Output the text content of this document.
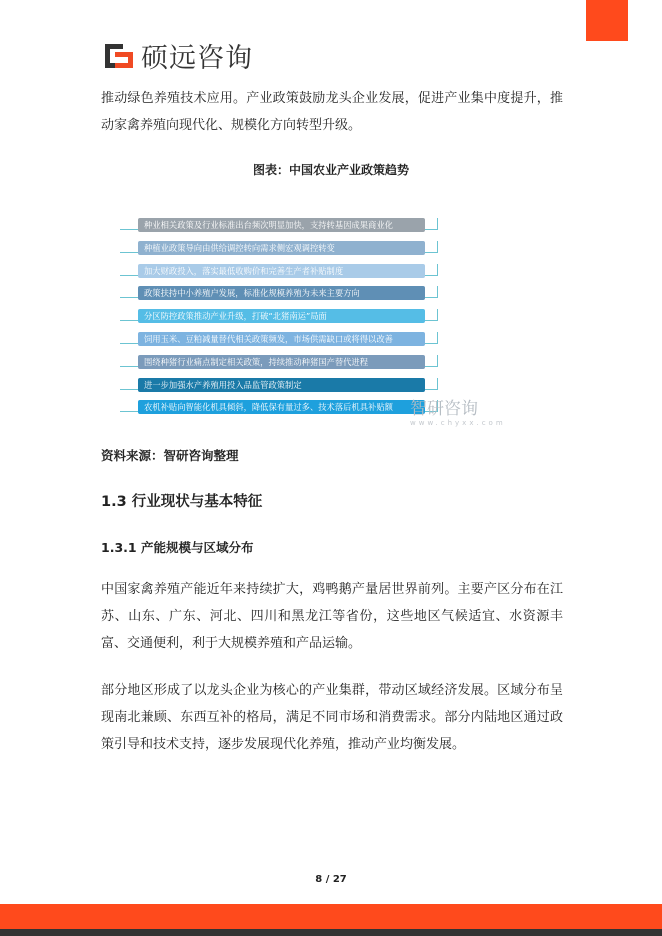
硕远咨询

推动绿色养殖技术应用。产业政策鼓励龙头企业发展，促进产业集中度提升，推动家禽养殖向现代化、规模化方向转型升级。

图表：中国农业产业政策趋势
种业相关政策及行业标准出台频次明显加快，支持转基因成果商业化
种植业政策导向由供给调控转向需求侧宏观调控转变
加大财政投入，落实最低收购价和完善生产者补贴制度
政策扶持中小养殖户发展，标准化规模养殖为未来主要方向
分区防控政策推动产业升级，打破“北猪南运”局面
饲用玉米、豆粕减量替代相关政策频发，市场供需缺口或将得以改善
围绕种猪行业痛点制定相关政策，持续推动种猪国产替代进程
进一步加强水产养殖用投入品监管政策制定
农机补贴向智能化机具倾斜，降低保有量过多、技术落后机具补贴额	智研咨询
www.chyxx.com
资料来源：智研咨询整理
1.3 行业现状与基本特征
1.3.1 产能规模与区域分布

中国家禽养殖产能近年来持续扩大，鸡鸭鹅产量居世界前列。主要产区分布在江苏、山东、广东、河北、四川和黑龙江等省份，这些地区气候适宜、水资源丰富、交通便利，利于大规模养殖和产品运输。

部分地区形成了以龙头企业为核心的产业集群，带动区域经济发展。区域分布呈现南北兼顾、东西互补的格局，满足不同市场和消费需求。部分内陆地区通过政策引导和技术支持，逐步发展现代化养殖，推动产业均衡发展。

8 / 27
